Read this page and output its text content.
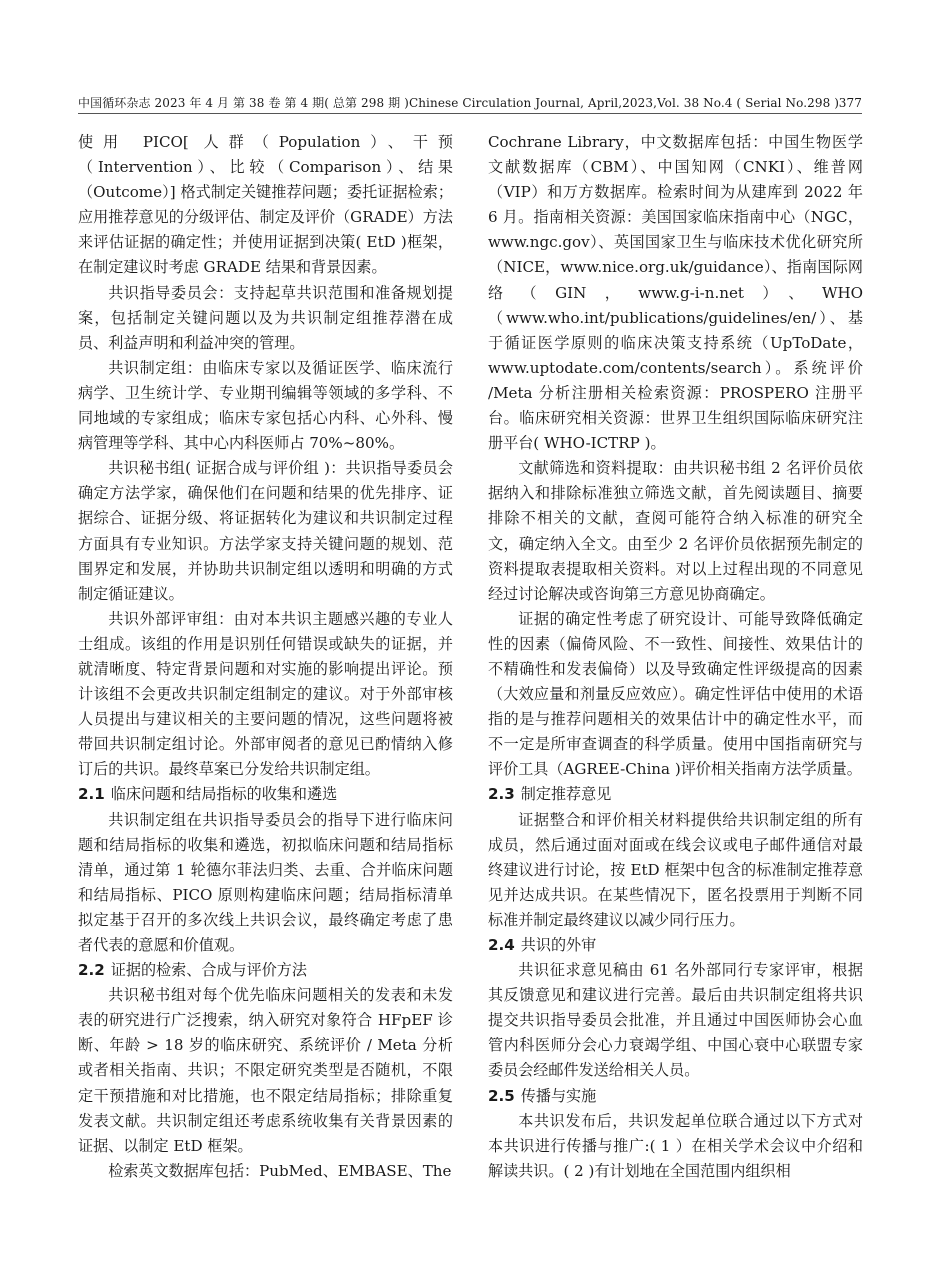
中国循环杂志 2023 年 4 月 第 38 卷 第 4 期( 总第 298 期 )Chinese Circulation Journal, April,2023,Vol. 38 No.4 ( Serial No.298 ) 377

使用 PICO[ 人群（Population）、干预（Intervention）、比较（Comparison）、结果（Outcome）] 格式制定关键推荐问题；委托证据检索；应用推荐意见的分级评估、制定及评价（GRADE）方法来评估证据的确定性；并使用证据到决策( EtD )框架，在制定建议时考虑 GRADE 结果和背景因素。

共识指导委员会：支持起草共识范围和准备规划提案，包括制定关键问题以及为共识制定组推荐潜在成员、利益声明和利益冲突的管理。

共识制定组：由临床专家以及循证医学、临床流行病学、卫生统计学、专业期刊编辑等领域的多学科、不同地域的专家组成；临床专家包括心内科、心外科、慢病管理等学科、其中心内科医师占 70%~80%。

共识秘书组( 证据合成与评价组 )：共识指导委员会确定方法学家，确保他们在问题和结果的优先排序、证据综合、证据分级、将证据转化为建议和共识制定过程方面具有专业知识。方法学家支持关键问题的规划、范围界定和发展，并协助共识制定组以透明和明确的方式制定循证建议。

共识外部评审组：由对本共识主题感兴趣的专业人士组成。该组的作用是识别任何错误或缺失的证据，并就清晰度、特定背景问题和对实施的影响提出评论。预计该组不会更改共识制定组制定的建议。对于外部审核人员提出与建议相关的主要问题的情况，这些问题将被带回共识制定组讨论。外部审阅者的意见已酌情纳入修订后的共识。最终草案已分发给共识制定组。

2.1 临床问题和结局指标的收集和遴选

共识制定组在共识指导委员会的指导下进行临床问题和结局指标的收集和遴选，初拟临床问题和结局指标清单，通过第 1 轮德尔菲法归类、去重、合并临床问题和结局指标、PICO 原则构建临床问题；结局指标清单拟定基于召开的多次线上共识会议，最终确定考虑了患者代表的意愿和价值观。

2.2 证据的检索、合成与评价方法

共识秘书组对每个优先临床问题相关的发表和未发表的研究进行广泛搜索，纳入研究对象符合 HFpEF 诊断、年龄 > 18 岁的临床研究、系统评价 / Meta 分析或者相关指南、共识；不限定研究类型是否随机，不限定干预措施和对比措施，也不限定结局指标；排除重复发表文献。共识制定组还考虑系统收集有关背景因素的证据、以制定 EtD 框架。

检索英文数据库包括：PubMed、EMBASE、The

Cochrane Library，中文数据库包括：中国生物医学文献数据库（CBM）、中国知网（CNKI）、维普网（VIP）和万方数据库。检索时间为从建库到 2022 年 6 月。指南相关资源：美国国家临床指南中心（NGC，www.ngc.gov）、英国国家卫生与临床技术优化研究所（NICE，www.nice.org.uk/guidance）、指南国际网络（GIN，www.g-i-n.net）、WHO（www.who.int/publications/guidelines/en/）、基于循证医学原则的临床决策支持系统（UpToDate，www.uptodate.com/contents/search）。系统评价 /Meta 分析注册相关检索资源：PROSPERO 注册平台。临床研究相关资源：世界卫生组织国际临床研究注册平台( WHO-ICTRP )。

文献筛选和资料提取：由共识秘书组 2 名评价员依据纳入和排除标准独立筛选文献，首先阅读题目、摘要排除不相关的文献，查阅可能符合纳入标准的研究全文，确定纳入全文。由至少 2 名评价员依据预先制定的资料提取表提取相关资料。对以上过程出现的不同意见经过讨论解决或咨询第三方意见协商确定。

证据的确定性考虑了研究设计、可能导致降低确定性的因素（偏倚风险、不一致性、间接性、效果估计的不精确性和发表偏倚）以及导致确定性评级提高的因素（大效应量和剂量反应效应）。确定性评估中使用的术语指的是与推荐问题相关的效果估计中的确定性水平，而不一定是所审查调查的科学质量。使用中国指南研究与评价工具（AGREE-China )评价相关指南方法学质量。

2.3 制定推荐意见

证据整合和评价相关材料提供给共识制定组的所有成员，然后通过面对面或在线会议或电子邮件通信对最终建议进行讨论，按 EtD 框架中包含的标准制定推荐意见并达成共识。在某些情况下，匿名投票用于判断不同标准并制定最终建议以减少同行压力。

2.4 共识的外审

共识征求意见稿由 61 名外部同行专家评审，根据其反馈意见和建议进行完善。最后由共识制定组将共识提交共识指导委员会批准，并且通过中国医师协会心血管内科医师分会心力衰竭学组、中国心衰中心联盟专家委员会经邮件发送给相关人员。

2.5 传播与实施

本共识发布后，共识发起单位联合通过以下方式对本共识进行传播与推广:( 1 ）在相关学术会议中介绍和解读共识。( 2 )有计划地在全国范围内组织相
